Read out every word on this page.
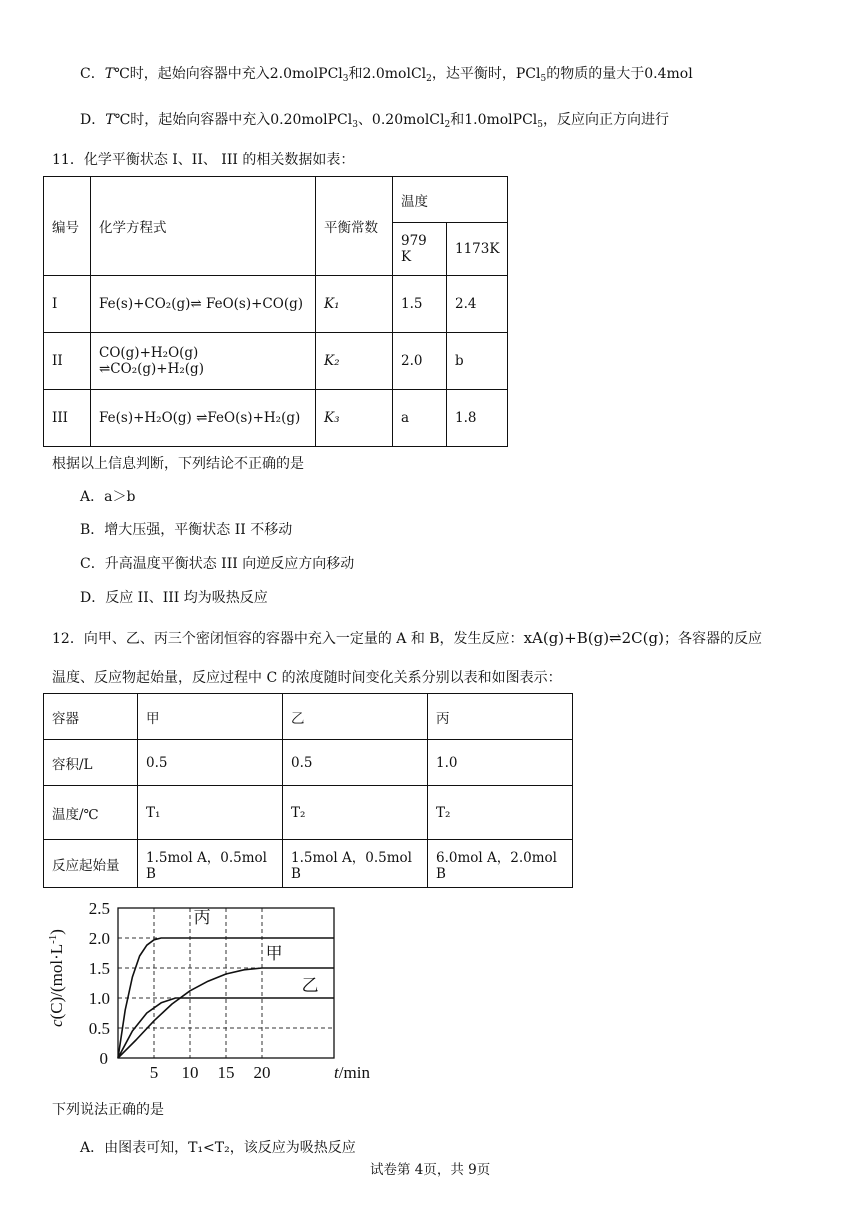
C．T℃时，起始向容器中充入2.0molPCl$_3$和2.0molCl$_2$，达平衡时，PCl$_5$的物质的量大于0.4mol
D．T℃时，起始向容器中充入0.20molPCl$_3$、0.20molCl$_2$和1.0molPCl$_5$，反应向正方向进行
11．化学平衡状态 I、II、 III 的相关数据如表：
编号	化学方程式	平衡常数	温度	
			979 K	1173K
I	Fe(s)+CO₂(g)⇌ FeO(s)+CO(g)	K₁	1.5	2.4
II	CO(g)+H₂O(g) ⇌CO₂(g)+H₂(g)	K₂	2.0	b
III	Fe(s)+H₂O(g) ⇌FeO(s)+H₂(g)	K₃	a	1.8
根据以上信息判断，下列结论不正确的是
A．a＞b
B．增大压强，平衡状态 II 不移动
C．升高温度平衡状态 III 向逆反应方向移动
D．反应 II、III 均为吸热反应
12．向甲、乙、丙三个密闭恒容的容器中充入一定量的 A 和 B，发生反应：xA(g)+B(g)⇌2C(g)；各容器的反应
温度、反应物起始量，反应过程中 C 的浓度随时间变化关系分别以表和如图表示：
容器	甲	乙	丙
容积/L	0.5	0.5	1.0
温度/℃	T₁	T₂	T₂
反应起始量	1.5mol A，0.5mol B	1.5mol A，0.5mol B	6.0mol A，2.0mol B
5 10 15 20
0
0.5
1.0
1.5
2.0
2.5
t/min
$c(C)/(mol\cdot L^{-1})$
丙
甲
乙
下列说法正确的是
A．由图表可知，T₁<T₂，该反应为吸热反应
试卷第 4页，共 9页
